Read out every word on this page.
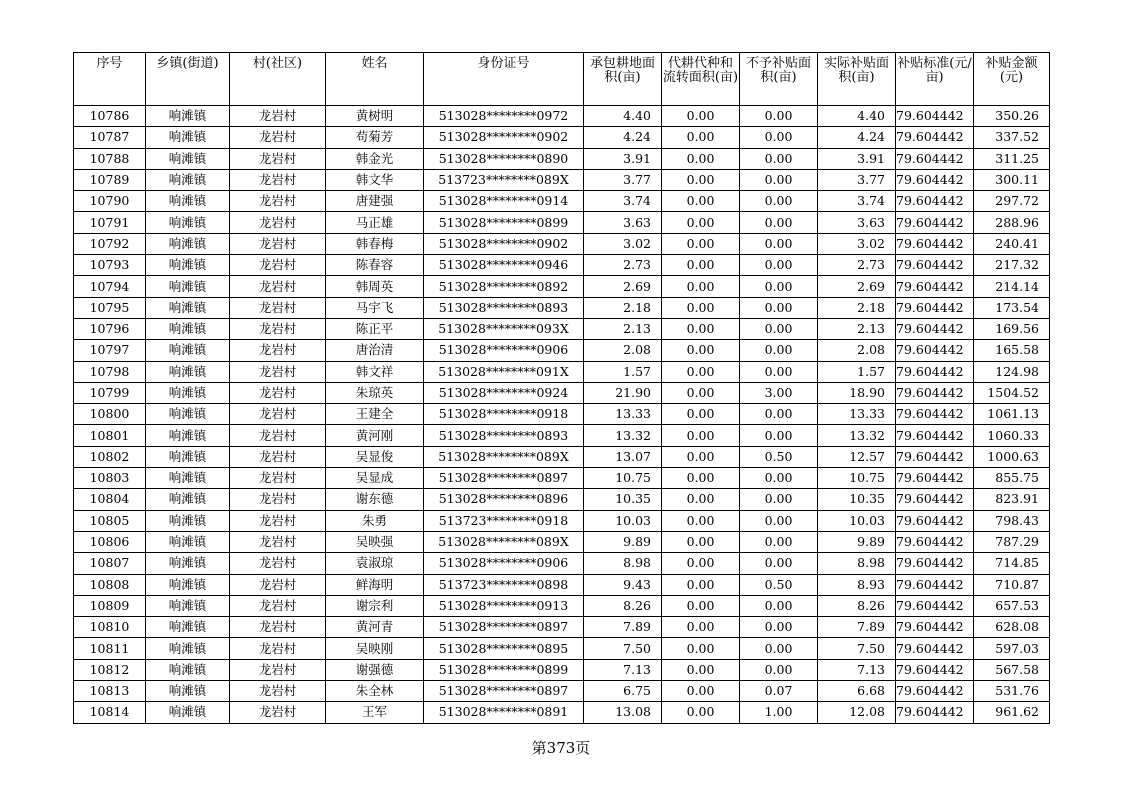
序号	乡镇(街道)	村(社区)	姓名	身份证号	承包耕地面积(亩)	代耕代种和流转面积(亩)	不予补贴面积(亩)	实际补贴面积(亩)	补贴标准(元/亩)	补贴金额(元)
10786	响滩镇	龙岩村	黄树明	513028********0972	4.40	0.00	0.00	4.40	79.604442	350.26
10787	响滩镇	龙岩村	苟菊芳	513028********0902	4.24	0.00	0.00	4.24	79.604442	337.52
10788	响滩镇	龙岩村	韩金光	513028********0890	3.91	0.00	0.00	3.91	79.604442	311.25
10789	响滩镇	龙岩村	韩文华	513723********089X	3.77	0.00	0.00	3.77	79.604442	300.11
10790	响滩镇	龙岩村	唐建强	513028********0914	3.74	0.00	0.00	3.74	79.604442	297.72
10791	响滩镇	龙岩村	马正雄	513028********0899	3.63	0.00	0.00	3.63	79.604442	288.96
10792	响滩镇	龙岩村	韩春梅	513028********0902	3.02	0.00	0.00	3.02	79.604442	240.41
10793	响滩镇	龙岩村	陈春容	513028********0946	2.73	0.00	0.00	2.73	79.604442	217.32
10794	响滩镇	龙岩村	韩周英	513028********0892	2.69	0.00	0.00	2.69	79.604442	214.14
10795	响滩镇	龙岩村	马宇飞	513028********0893	2.18	0.00	0.00	2.18	79.604442	173.54
10796	响滩镇	龙岩村	陈正平	513028********093X	2.13	0.00	0.00	2.13	79.604442	169.56
10797	响滩镇	龙岩村	唐治清	513028********0906	2.08	0.00	0.00	2.08	79.604442	165.58
10798	响滩镇	龙岩村	韩文祥	513028********091X	1.57	0.00	0.00	1.57	79.604442	124.98
10799	响滩镇	龙岩村	朱琼英	513028********0924	21.90	0.00	3.00	18.90	79.604442	1504.52
10800	响滩镇	龙岩村	王建全	513028********0918	13.33	0.00	0.00	13.33	79.604442	1061.13
10801	响滩镇	龙岩村	黄河刚	513028********0893	13.32	0.00	0.00	13.32	79.604442	1060.33
10802	响滩镇	龙岩村	吴显俊	513028********089X	13.07	0.00	0.50	12.57	79.604442	1000.63
10803	响滩镇	龙岩村	吴显成	513028********0897	10.75	0.00	0.00	10.75	79.604442	855.75
10804	响滩镇	龙岩村	谢东德	513028********0896	10.35	0.00	0.00	10.35	79.604442	823.91
10805	响滩镇	龙岩村	朱勇	513723********0918	10.03	0.00	0.00	10.03	79.604442	798.43
10806	响滩镇	龙岩村	吴映强	513028********089X	9.89	0.00	0.00	9.89	79.604442	787.29
10807	响滩镇	龙岩村	袁淑琼	513028********0906	8.98	0.00	0.00	8.98	79.604442	714.85
10808	响滩镇	龙岩村	鲜海明	513723********0898	9.43	0.00	0.50	8.93	79.604442	710.87
10809	响滩镇	龙岩村	谢宗利	513028********0913	8.26	0.00	0.00	8.26	79.604442	657.53
10810	响滩镇	龙岩村	黄河青	513028********0897	7.89	0.00	0.00	7.89	79.604442	628.08
10811	响滩镇	龙岩村	吴映刚	513028********0895	7.50	0.00	0.00	7.50	79.604442	597.03
10812	响滩镇	龙岩村	谢强德	513028********0899	7.13	0.00	0.00	7.13	79.604442	567.58
10813	响滩镇	龙岩村	朱全林	513028********0897	6.75	0.00	0.07	6.68	79.604442	531.76
10814	响滩镇	龙岩村	王军	513028********0891	13.08	0.00	1.00	12.08	79.604442	961.62
第373页
